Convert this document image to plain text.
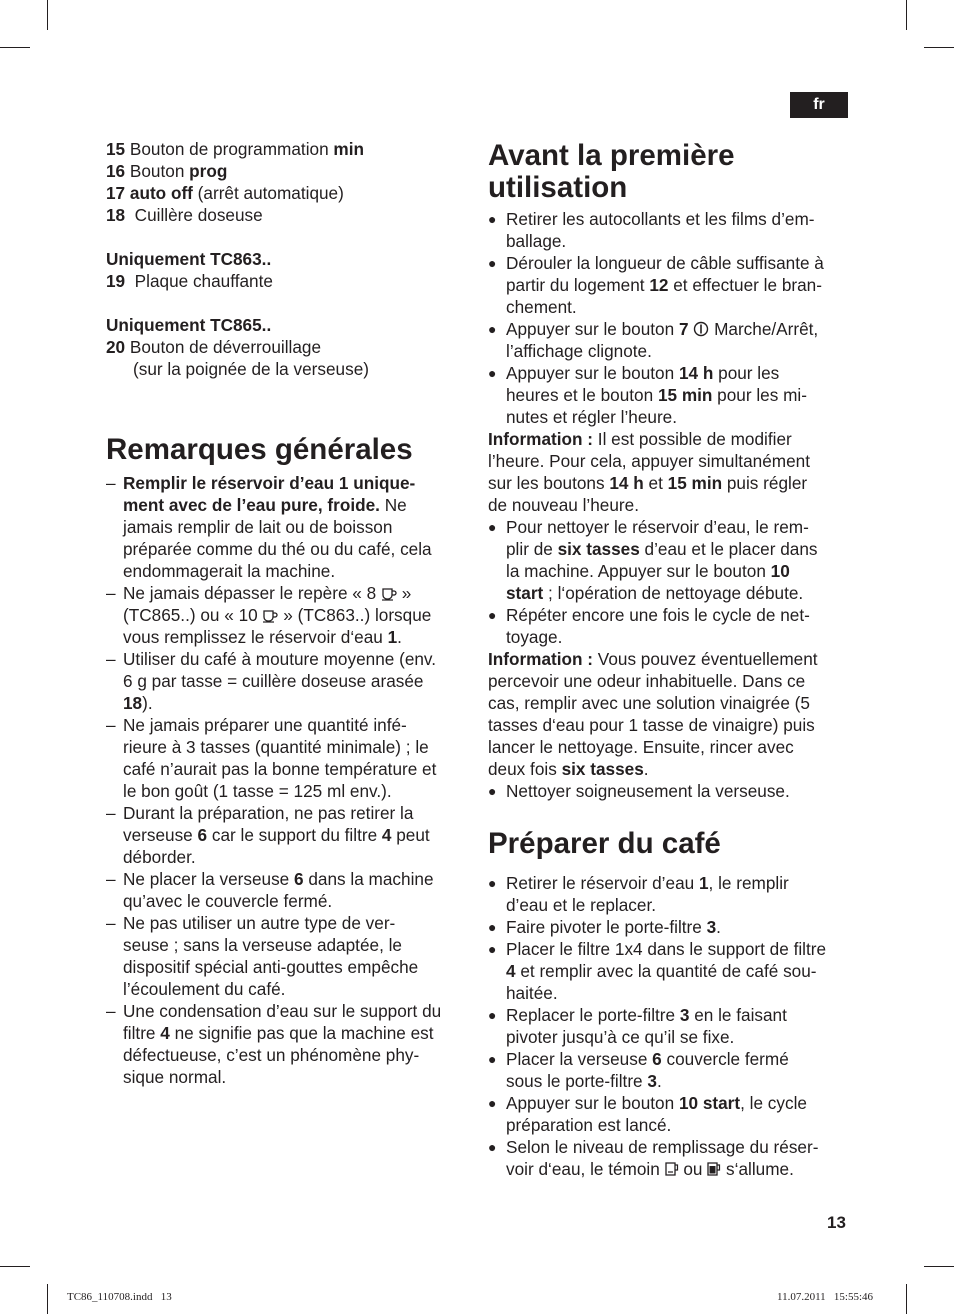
fr
15 Bouton de programmation min
16 Bouton prog
17 auto off (arrêt automatique)
18  Cuillère doseuse
Uniquement TC863..
19  Plaque chauffante
Uniquement TC865..
20 Bouton de déverrouillage
(sur la poignée de la verseuse)
Remarques générales
– Remplir le réservoir d’eau 1 unique-
ment avec de l’eau pure, froide. Ne
jamais remplir de lait ou de boisson
préparée comme du thé ou du café, cela
endommagerait la machine.
– Ne jamais dépasser le repère « 8  »
(TC865..) ou « 10  » (TC863..) lorsque
vous remplissez le réservoir d‘eau 1.
– Utiliser du café à mouture moyenne (env.
6 g par tasse = cuillère doseuse arasée
18).
– Ne jamais préparer une quantité infé-
rieure à 3 tasses (quantité minimale) ; le
café n’aurait pas la bonne température et
le bon goût (1 tasse = 125 ml env.).
– Durant la préparation, ne pas retirer la
verseuse 6 car le support du filtre 4 peut
déborder.
– Ne placer la verseuse 6 dans la machine
qu’avec le couvercle fermé.
– Ne pas utiliser un autre type de ver-
seuse ; sans la verseuse adaptée, le
dispositif spécial anti-gouttes empêche
l’écoulement du café.
– Une condensation d’eau sur le support du
filtre 4 ne signifie pas que la machine est
défectueuse, c’est un phénomène phy-
sique normal.
Avant la première
utilisation
● Retirer les autocollants et les films d’em-
ballage.
● Dérouler la longueur de câble suffisante à
partir du logement 12 et effectuer le bran-
chement.
● Appuyer sur le bouton 7  Marche/Arrêt,
l’affichage clignote.
● Appuyer sur le bouton 14 h pour les
heures et le bouton 15 min pour les mi-
nutes et régler l’heure.
Information : Il est possible de modifier
l’heure. Pour cela, appuyer simultanément
sur les boutons 14 h et 15 min puis régler
de nouveau l’heure.
● Pour nettoyer le réservoir d’eau, le rem-
plir de six tasses d’eau et le placer dans
la machine. Appuyer sur le bouton 10
start ; l‘opération de nettoyage débute.
● Répéter encore une fois le cycle de net-
toyage.
Information : Vous pouvez éventuellement
percevoir une odeur inhabituelle. Dans ce
cas, remplir avec une solution vinaigrée (5
tasses d‘eau pour 1 tasse de vinaigre) puis
lancer le nettoyage. Ensuite, rincer avec
deux fois six tasses.
● Nettoyer soigneusement la verseuse.
Préparer du café
● Retirer le réservoir d’eau 1, le remplir
d’eau et le replacer.
● Faire pivoter le porte-filtre 3.
● Placer le filtre 1x4 dans le support de filtre
4 et remplir avec la quantité de café sou-
haitée.
● Replacer le porte-filtre 3 en le faisant
pivoter jusqu’à ce qu’il se fixe.
● Placer la verseuse 6 couvercle fermé
sous le porte-filtre 3.
● Appuyer sur le bouton 10 start, le cycle
préparation est lancé.
● Selon le niveau de remplissage du réser-
voir d‘eau, le témoin  ou  s‘allume.
13
TC86_110708.indd   13	11.07.2011   15:55:46
